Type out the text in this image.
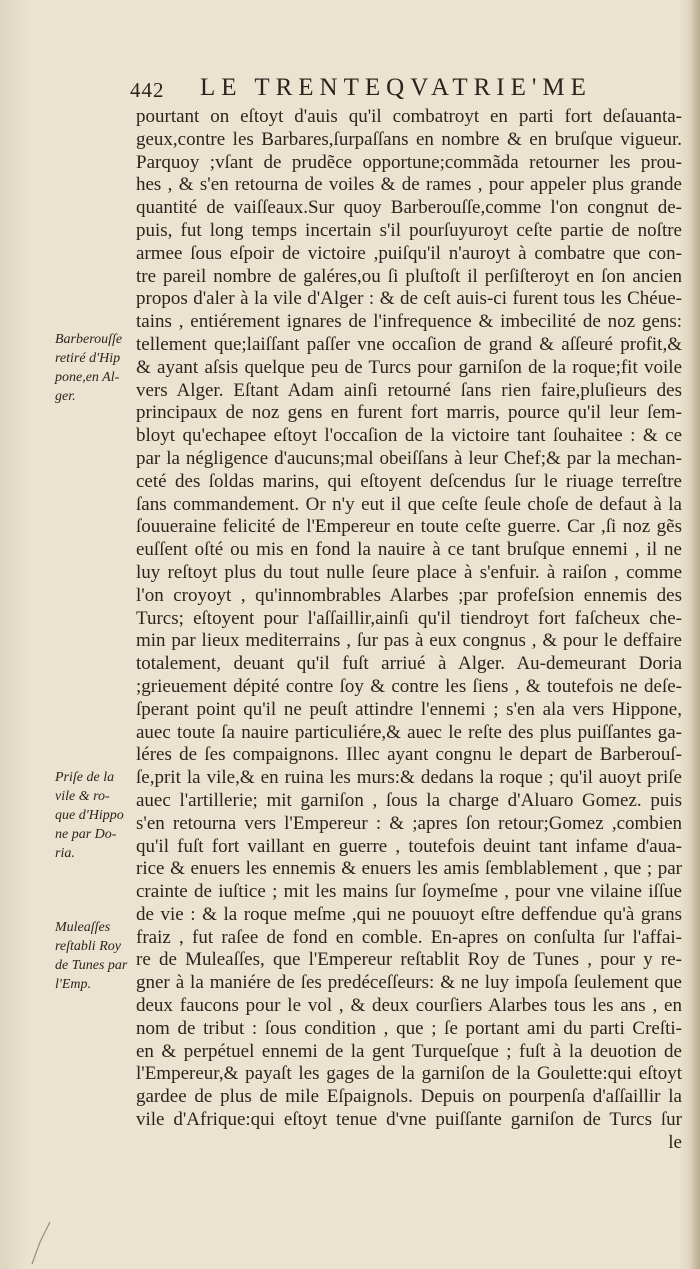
442 LE TRENTEQVATRIE'ME
pourtant on eſtoyt d'auis qu'il combatroyt en parti fort deſauanta-
geux,contre les Barbares,ſurpaſſans en nombre & en bruſque vigueur.
Parquoy ;vſant de prudẽce opportune;commãda retourner les prou-
hes , & s'en retourna de voiles & de rames , pour appeler plus grande
quantité de vaiſſeaux.Sur quoy Barberouſſe,comme l'on congnut de-
puis, fut long temps incertain s'il pourſuyuroyt ceſte partie de noſtre
armee ſous eſpoir de victoire ,puiſqu'il n'auroyt à combatre que con-
tre pareil nombre de galéres,ou ſi pluſtoſt il perſiſteroyt en ſon ancien
propos d'aler à la vile d'Alger : & de ceſt auis-ci furent tous les Chéue-
tains , entiérement ignares de l'infrequence & imbecilité de noz gens:
tellement que;laiſſant paſſer vne occaſion de grand & aſſeuré profit,&
& ayant aſsis quelque peu de Turcs pour garniſon de la roque;fit voile
vers Alger. Eſtant Adam ainſi retourné ſans rien faire,pluſieurs des
principaux de noz gens en furent fort marris, pource qu'il leur ſem-
bloyt qu'echapee eſtoyt l'occaſion de la victoire tant ſouhaitee : & ce
par la négligence d'aucuns;mal obeiſſans à leur Chef;& par la mechan-
ceté des ſoldas marins, qui eſtoyent deſcendus ſur le riuage terreſtre
ſans commandement. Or n'y eut il que ceſte ſeule choſe de defaut à la
ſouueraine felicité de l'Empereur en toute ceſte guerre. Car ,ſi noz gẽs
euſſent oſté ou mis en fond la nauire à ce tant bruſque ennemi , il ne
luy reſtoyt plus du tout nulle ſeure place à s'enfuir. à raiſon , comme
l'on croyoyt , qu'innombrables Alarbes ;par profeſsion ennemis des
Turcs; eſtoyent pour l'aſſaillir,ainſi qu'il tiendroyt fort faſcheux che-
min par lieux mediterrains , ſur pas à eux congnus , & pour le deffaire
totalement, deuant qu'il fuſt arriué à Alger. Au-demeurant Doria
;grieuement dépité contre ſoy & contre les ſiens , & toutefois ne deſe-
ſperant point qu'il ne peuſt attindre l'ennemi ; s'en ala vers Hippone,
auec toute ſa nauire particuliére,& auec le reſte des plus puiſſantes ga-
léres de ſes compaignons. Illec ayant congnu le depart de Barberouſ-
ſe,prit la vile,& en ruina les murs:& dedans la roque ; qu'il auoyt priſe
auec l'artillerie; mit garniſon , ſous la charge d'Aluaro Gomez. puis
s'en retourna vers l'Empereur : & ;apres ſon retour;Gomez ,combien
qu'il fuſt fort vaillant en guerre , toutefois deuint tant infame d'aua-
rice & enuers les ennemis & enuers les amis ſemblablement , que ; par
crainte de iuſtice ; mit les mains ſur ſoymeſme , pour vne vilaine iſſue
de vie : & la roque meſme ,qui ne pouuoyt eſtre deffendue qu'à grans
fraiz , fut raſee de fond en comble. En-apres on conſulta ſur l'affai-
re de Muleaſſes, que l'Empereur reſtablit Roy de Tunes , pour y re-
gner à la maniére de ſes predéceſſeurs: & ne luy impoſa ſeulement que
deux faucons pour le vol , & deux courſiers Alarbes tous les ans , en
nom de tribut : ſous condition , que ; ſe portant ami du parti Creſti-
en & perpétuel ennemi de la gent Turqueſque ; fuſt à la deuotion de
l'Empereur,& payaſt les gages de la garniſon de la Goulette:qui eſtoyt
gardee de plus de mile Eſpaignols. Depuis on pourpenſa d'aſſaillir la
vile d'Afrique:qui eſtoyt tenue d'vne puiſſante garniſon de Turcs ſur
le
Barberouſſe
retiré d'Hip
pone,en Al-
ger.
Priſe de la
vile & ro-
que d'Hippo
ne par Do-
ria.
Muleaſſes
reſtabli Roy
de Tunes par
l'Emp.
